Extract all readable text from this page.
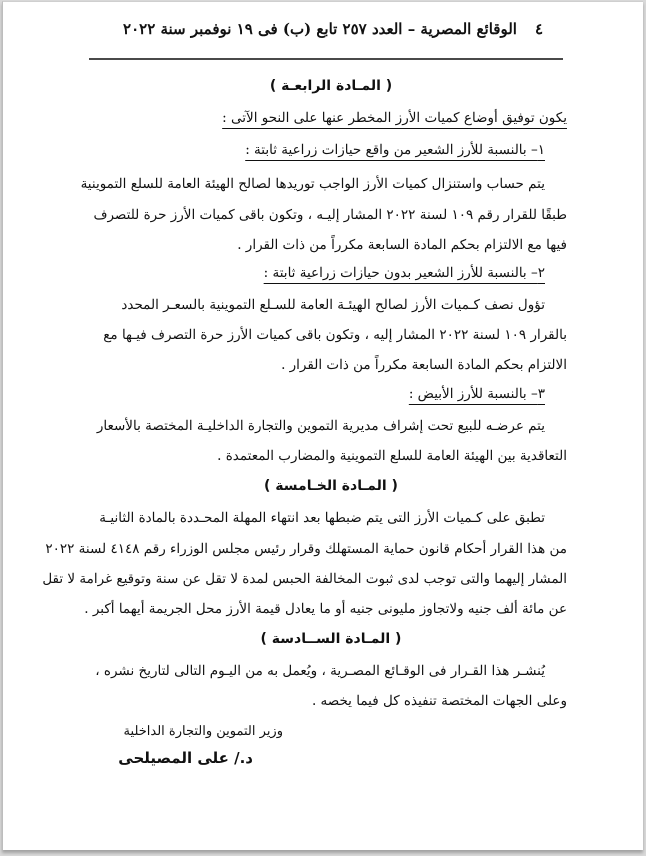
٤
الوقائع المصرية – العدد ٢٥٧ تابع (ب) فى ١٩ نوفمبر سنة ٢٠٢٢
( المـادة الرابعـة )
يكون توفيق أوضاع كميات الأرز المخطر عنها على النحو الآتى :
١– بالنسبة للأرز الشعير من واقع حيازات زراعية ثابتة :
يتم حساب واستنزال كميات الأرز الواجب توريدها لصالح الهيئة العامة للسلع التموينية
طبقًا للقرار رقم ١٠٩ لسنة ٢٠٢٢ المشار إليـه ، وتكون باقى كميات الأرز حرة للتصرف
فيها مع الالتزام بحكم المادة السابعة مكرراً من ذات القرار .
٢– بالنسبة للأرز الشعير بدون حيازات زراعية ثابتة :
تؤول نصف كـميات الأرز لصالح الهيئـة العامة للسـلع التموينية بالسعـر المحدد
بالقرار ١٠٩ لسنة ٢٠٢٢ المشار إليه ، وتكون باقى كميات الأرز حرة التصرف فيـها مع
الالتزام بحكم المادة السابعة مكرراً من ذات القرار .
٣– بالنسبة للأرز الأبيض :
يتم عرضـه للبيع تحت إشراف مديرية التموين والتجارة الداخليـة المختصة بالأسعار
التعاقدية بين الهيئة العامة للسلع التموينية والمضارب المعتمدة .
( المـادة الخـامسة )
تطبق على كـميات الأرز التى يتم ضبطها بعد انتهاء المهلة المحـددة بالمادة الثانيـة
من هذا القرار أحكام قانون حماية المستهلك وقرار رئيس مجلس الوزراء رقم ٤١٤٨ لسنة ٢٠٢٢
المشار إليهما والتى توجب لدى ثبوت المخالفة الحبس لمدة لا تقل عن سنة وتوقيع غرامة لا تقل
عن مائة ألف جنيه ولاتجاوز مليونى جنيه أو ما يعادل قيمة الأرز محل الجريمة أيهما أكبر .
( المـادة الســادسة )
يُنشـر هذا القـرار فى الوقـائع المصـرية ، ويُعمل به من اليـوم التالى لتاريخ نشره ،
وعلى الجهات المختصة تنفيذه كل فيما يخصه .
وزير التموين والتجارة الداخلية
د./ على المصيلحى
